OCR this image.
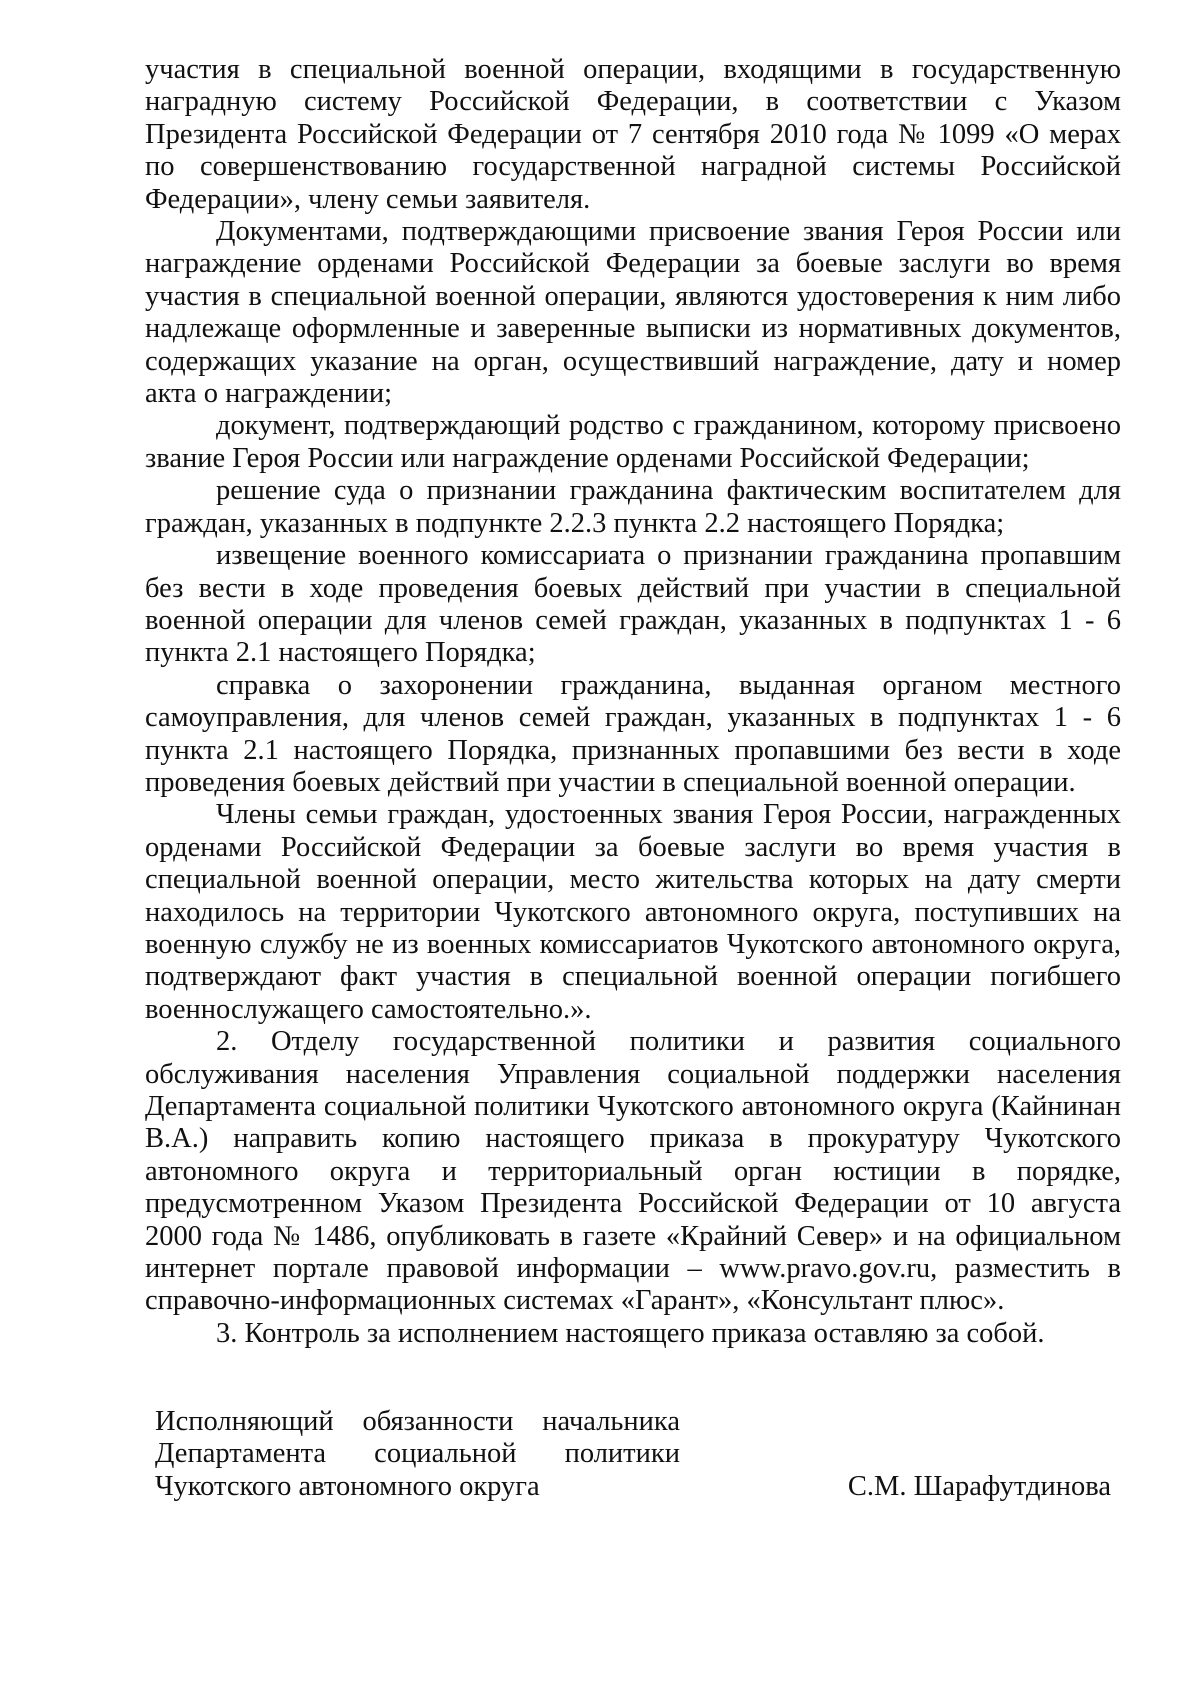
участия в специальной военной операции, входящими в государственную наградную систему Российской Федерации, в соответствии с Указом Президента Российской Федерации от 7 сентября 2010 года № 1099 «О мерах по совершенствованию государственной наградной системы Российской Федерации», члену семьи заявителя.

Документами, подтверждающими присвоение звания Героя России или награждение орденами Российской Федерации за боевые заслуги во время участия в специальной военной операции, являются удостоверения к ним либо надлежаще оформленные и заверенные выписки из нормативных документов, содержащих указание на орган, осуществивший награждение, дату и номер акта о награждении;

документ, подтверждающий родство с гражданином, которому присвоено звание Героя России или награждение орденами Российской Федерации;

решение суда о признании гражданина фактическим воспитателем для граждан, указанных в подпункте 2.2.3 пункта 2.2 настоящего Порядка;

извещение военного комиссариата о признании гражданина пропавшим без вести в ходе проведения боевых действий при участии в специальной военной операции для членов семей граждан, указанных в подпунктах 1 - 6 пункта 2.1 настоящего Порядка;

справка о захоронении гражданина, выданная органом местного самоуправления, для членов семей граждан, указанных в подпунктах 1 - 6 пункта 2.1 настоящего Порядка, признанных пропавшими без вести в ходе проведения боевых действий при участии в специальной военной операции.

Члены семьи граждан, удостоенных звания Героя России, награжденных орденами Российской Федерации за боевые заслуги во время участия в специальной военной операции, место жительства которых на дату смерти находилось на территории Чукотского автономного округа, поступивших на военную службу не из военных комиссариатов Чукотского автономного округа, подтверждают факт участия в специальной военной операции погибшего военнослужащего самостоятельно.».

2. Отделу государственной политики и развития социального обслуживания населения Управления социальной поддержки населения Департамента социальной политики Чукотского автономного округа (Кайнинан В.А.) направить копию настоящего приказа в прокуратуру Чукотского автономного округа и территориальный орган юстиции в порядке, предусмотренном Указом Президента Российской Федерации от 10 августа 2000 года № 1486, опубликовать в газете «Крайний Север» и на официальном интернет портале правовой информации – www.pravo.gov.ru, разместить в справочно-информационных системах «Гарант», «Консультант плюс».

3. Контроль за исполнением настоящего приказа оставляю за собой.

Исполняющий обязанности начальника
Департамента социальной политики
Чукотского автономного округа	С.М. Шарафутдинова
